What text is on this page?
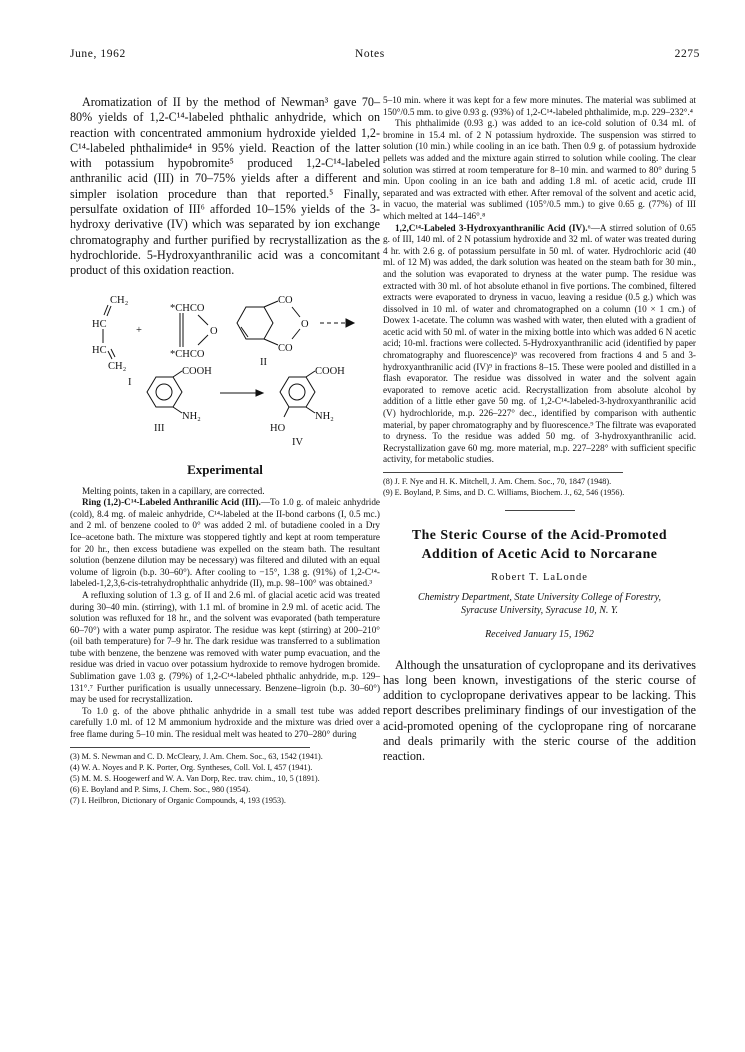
June, 1962	Notes	2275

Aromatization of II by the method of Newman³ gave 70–80% yields of 1,2-C¹⁴-labeled phthalic anhydride, which on reaction with concentrated ammonium hydroxide yielded 1,2-C¹⁴-labeled phthalimide⁴ in 95% yield. Reaction of the latter with potassium hypobromite⁵ produced 1,2-C¹⁴-labeled anthranilic acid (III) in 70–75% yields after a different and simpler isolation procedure than that reported.⁵ Finally, persulfate oxidation of III⁶ afforded 10–15% yields of the 3-hydroxy derivative (IV) which was separated by ion exchange chromatography and further purified by recrystallization as the hydrochloride. 5-Hydroxyanthranilic acid was a concomitant product of this oxidation reaction.

CH₂
HC
HC
CH₂
+
*CHCO
O
*CHCO
CO
O
CO
I
II
COOH
NH₂
COOH
NH₂
HO
III
IV
Experimental

Melting points, taken in a capillary, are corrected.

Ring (1,2)-C¹⁴-Labeled Anthranilic Acid (III).—To 1.0 g. of maleic anhydride (cold), 8.4 mg. of maleic anhydride, C¹⁴-labeled at the II-bond carbons (I, 0.5 mc.) and 2 ml. of benzene cooled to 0° was added 2 ml. of butadiene cooled in a Dry Ice–acetone bath. The mixture was stoppered tightly and kept at room temperature for 20 hr., then excess butadiene was expelled on the steam bath. The resultant solution (benzene dilution may be necessary) was filtered and diluted with an equal volume of ligroin (b.p. 30–60°). After cooling to −15°, 1.38 g. (91%) of 1,2-C¹⁴-labeled-1,2,3,6-cis-tetrahydrophthalic anhydride (II), m.p. 98–100° was obtained.³

A refluxing solution of 1.3 g. of II and 2.6 ml. of glacial acetic acid was treated during 30–40 min. (stirring), with 1.1 ml. of bromine in 2.9 ml. of acetic acid. The solution was refluxed for 18 hr., and the solvent was evaporated (bath temperature 60–70°) with a water pump aspirator. The residue was kept (stirring) at 200–210° (oil bath temperature) for 7–9 hr. The dark residue was transferred to a sublimation tube with benzene, the benzene was removed with water pump evacuation, and the residue was dried in vacuo over potassium hydroxide to remove hydrogen bromide. Sublimation gave 1.03 g. (79%) of 1,2-C¹⁴-labeled phthalic anhydride, m.p. 129–131°.⁷ Further purification is usually unnecessary. Benzene–ligroin (b.p. 30–60°) may be used for recrystallization.

To 1.0 g. of the above phthalic anhydride in a small test tube was added carefully 1.0 ml. of 12 M ammonium hydroxide and the mixture was dried over a free flame during 5–10 min. The residual melt was heated to 270–280° during

(3) M. S. Newman and C. D. McCleary, J. Am. Chem. Soc., 63, 1542 (1941).

(4) W. A. Noyes and P. K. Porter, Org. Syntheses, Coll. Vol. I, 457 (1941).

(5) M. M. S. Hoogewerf and W. A. Van Dorp, Rec. trav. chim., 10, 5 (1891).

(6) E. Boyland and P. Sims, J. Chem. Soc., 980 (1954).

(7) I. Heilbron, Dictionary of Organic Compounds, 4, 193 (1953).

5–10 min. where it was kept for a few more minutes. The material was sublimed at 150°/0.5 mm. to give 0.93 g. (93%) of 1,2-C¹⁴-labeled phthalimide, m.p. 229–232°.⁴

This phthalimide (0.93 g.) was added to an ice-cold solution of 0.34 ml. of bromine in 15.4 ml. of 2 N potassium hydroxide. The suspension was stirred to solution (10 min.) while cooling in an ice bath. Then 0.9 g. of potassium hydroxide pellets was added and the mixture again stirred to solution while cooling. The clear solution was stirred at room temperature for 8–10 min. and warmed to 80° during 5 min. Upon cooling in an ice bath and adding 1.8 ml. of acetic acid, crude III separated and was extracted with ether. After removal of the solvent and acetic acid, in vacuo, the material was sublimed (105°/0.5 mm.) to give 0.65 g. (77%) of III which melted at 144–146°.⁸

1,2,C¹⁴-Labeled 3-Hydroxyanthranilic Acid (IV).⁶—A stirred solution of 0.65 g. of III, 140 ml. of 2 N potassium hydroxide and 32 ml. of water was treated during 4 hr. with 2.6 g. of potassium persulfate in 50 ml. of water. Hydrochloric acid (40 ml. of 12 M) was added, the dark solution was heated on the steam bath for 30 min., and the solution was evaporated to dryness at the water pump. The residue was extracted with 30 ml. of hot absolute ethanol in five portions. The combined, filtered extracts were evaporated to dryness in vacuo, leaving a residue (0.5 g.) which was dissolved in 10 ml. of water and chromatographed on a column (10 × 1 cm.) of Dowex 1-acetate. The column was washed with water, then eluted with a gradient of acetic acid with 50 ml. of water in the mixing bottle into which was added 6 N acetic acid; 10-ml. fractions were collected. 5-Hydroxyanthranilic acid (identified by paper chromatography and fluorescence)⁹ was recovered from fractions 4 and 5 and 3-hydroxyanthranilic acid (IV)⁹ in fractions 8–15. These were pooled and distilled in a flash evaporator. The residue was dissolved in water and the solvent again evaporated to remove acetic acid. Recrystallization from absolute alcohol by addition of a little ether gave 50 mg. of 1,2-C¹⁴-labeled-3-hydroxyanthranilic acid (V) hydrochloride, m.p. 226–227° dec., identified by comparison with authentic material, by paper chromatography and by fluorescence.⁹ The filtrate was evaporated to dryness. To the residue was added 50 mg. of 3-hydroxyanthranilic acid. Recrystallization gave 60 mg. more material, m.p. 227–228° with sufficient specific activity, for metabolic studies.

(8) J. F. Nye and H. K. Mitchell, J. Am. Chem. Soc., 70, 1847 (1948).

(9) E. Boyland, P. Sims, and D. C. Williams, Biochem. J., 62, 546 (1956).

The Steric Course of the Acid-Promoted
Addition of Acetic Acid to Norcarane
Robert T. LaLonde
Chemistry Department, State University College of Forestry,
Syracuse University, Syracuse 10, N. Y.
Received January 15, 1962

Although the unsaturation of cyclopropane and its derivatives has long been known, investigations of the steric course of addition to cyclopropane derivatives appear to be lacking. This report describes preliminary findings of our investigation of the acid-promoted opening of the cyclopropane ring of norcarane and deals primarily with the steric course of the addition reaction.
